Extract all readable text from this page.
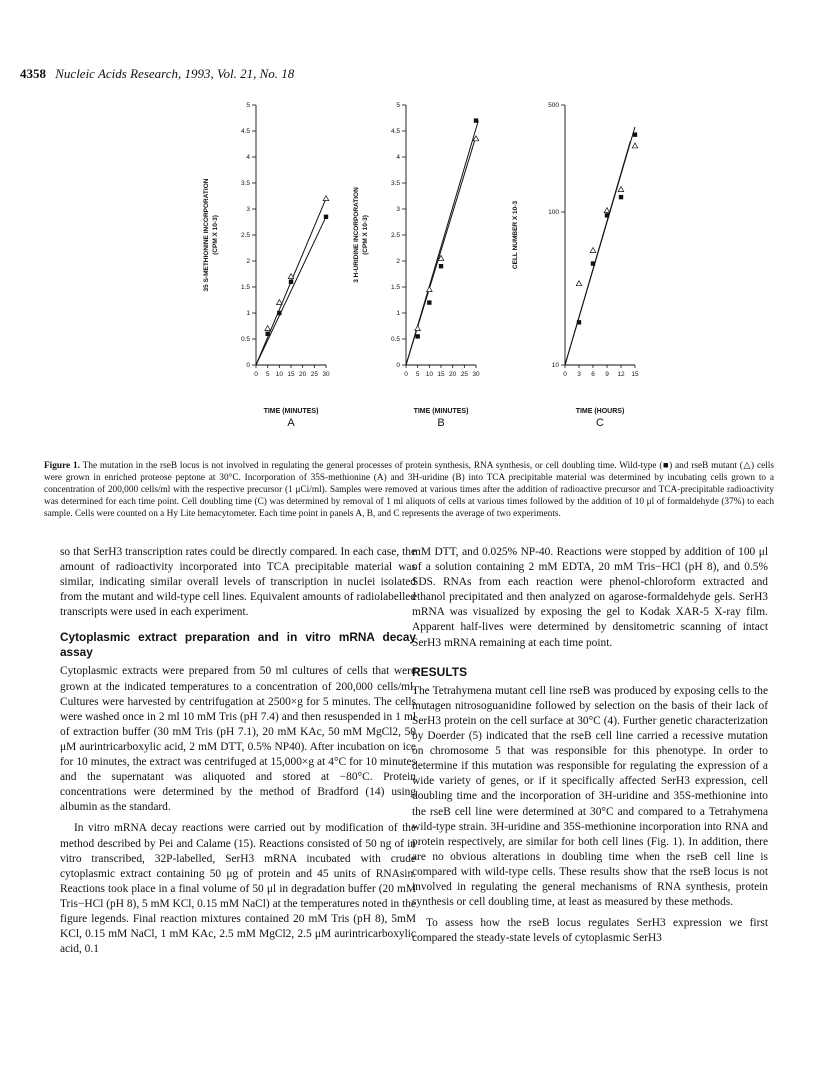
4358 Nucleic Acids Research, 1993, Vol. 21, No. 18
0
0.5
1
1.5
2
2.5
3
3.5
4
4.5
5
0 5 10 15 20 25 30
35 S-METHIONINE INCORPORATION (CPM X 10-3)
TIME (MINUTES)
A
0
0.5
1
1.5
2
2.5
3
3.5
4
4.5
5
0 5 10 15 20 25 30
3 H-URIDINE INCORPORATION (CPM X 10-3)
TIME (MINUTES)
B
10
100
500
0 3 6 9 12 15
CELL NUMBER X 10-3
TIME (HOURS)
C
Figure 1. The mutation in the rseB locus is not involved in regulating the general processes of protein synthesis, RNA synthesis, or cell doubling time. Wild-type (■) and rseB mutant (△) cells were grown in enriched proteose peptone at 30°C. Incorporation of 35S-methionine (A) and 3H-uridine (B) into TCA precipitable material was determined by incubating cells grown to a concentration of 200,000 cells/ml with the respective precursor (1 μCi/ml). Samples were removed at various times after the addition of radioactive precursor and TCA-precipitable radioactivity was determined for each time point. Cell doubling time (C) was determined by removal of 1 ml aliquots of cells at various times followed by the addition of 10 μl of formaldehyde (37%) to each sample. Cells were counted on a Hy Lite hemacytometer. Each time point in panels A, B, and C represents the average of two experiments.

so that SerH3 transcription rates could be directly compared. In each case, the amount of radioactivity incorporated into TCA precipitable material was similar, indicating similar overall levels of transcription in nuclei isolated from the mutant and wild-type cell lines. Equivalent amounts of radiolabelled transcripts were used in each experiment.

Cytoplasmic extract preparation and in vitro mRNA decay assay

Cytoplasmic extracts were prepared from 50 ml cultures of cells that were grown at the indicated temperatures to a concentration of 200,000 cells/ml. Cultures were harvested by centrifugation at 2500×g for 5 minutes. The cells were washed once in 2 ml 10 mM Tris (pH 7.4) and then resuspended in 1 ml of extraction buffer (30 mM Tris (pH 7.1), 20 mM KAc, 50 mM MgCl2, 50 μM aurintricarboxylic acid, 2 mM DTT, 0.5% NP40). After incubation on ice for 10 minutes, the extract was centrifuged at 15,000×g at 4°C for 10 minutes and the supernatant was aliquoted and stored at −80°C. Protein concentrations were determined by the method of Bradford (14) using albumin as the standard.

In vitro mRNA decay reactions were carried out by modification of the method described by Pei and Calame (15). Reactions consisted of 50 ng of in vitro transcribed, 32P-labelled, SerH3 mRNA incubated with crude cytoplasmic extract containing 50 μg of protein and 45 units of RNAsin. Reactions took place in a final volume of 50 μl in degradation buffer (20 mM Tris−HCl (pH 8), 5 mM KCl, 0.15 mM NaCl) at the temperatures noted in the figure legends. Final reaction mixtures contained 20 mM Tris (pH 8), 5mM KCl, 0.15 mM NaCl, 1 mM KAc, 2.5 mM MgCl2, 2.5 μM aurintricarboxylic acid, 0.1

mM DTT, and 0.025% NP-40. Reactions were stopped by addition of 100 μl of a solution containing 2 mM EDTA, 20 mM Tris−HCl (pH 8), and 0.5% SDS. RNAs from each reaction were phenol-chloroform extracted and ethanol precipitated and then analyzed on agarose-formaldehyde gels. SerH3 mRNA was visualized by exposing the gel to Kodak XAR-5 X-ray film. Apparent half-lives were determined by densitometric scanning of intact SerH3 mRNA remaining at each time point.

RESULTS

The Tetrahymena mutant cell line rseB was produced by exposing cells to the mutagen nitrosoguanidine followed by selection on the basis of their lack of SerH3 protein on the cell surface at 30°C (4). Further genetic characterization by Doerder (5) indicated that the rseB cell line carried a recessive mutation on chromosome 5 that was responsible for this phenotype. In order to determine if this mutation was responsible for regulating the expression of a wide variety of genes, or if it specifically affected SerH3 expression, cell doubling time and the incorporation of 3H-uridine and 35S-methionine into the rseB cell line were determined at 30°C and compared to a Tetrahymena wild-type strain. 3H-uridine and 35S-methionine incorporation into RNA and protein respectively, are similar for both cell lines (Fig. 1). In addition, there are no obvious alterations in doubling time when the rseB cell line is compared with wild-type cells. These results show that the rseB locus is not involved in regulating the general mechanisms of RNA synthesis, protein synthesis or cell doubling time, at least as measured by these methods.

To assess how the rseB locus regulates SerH3 expression we first compared the steady-state levels of cytoplasmic SerH3
